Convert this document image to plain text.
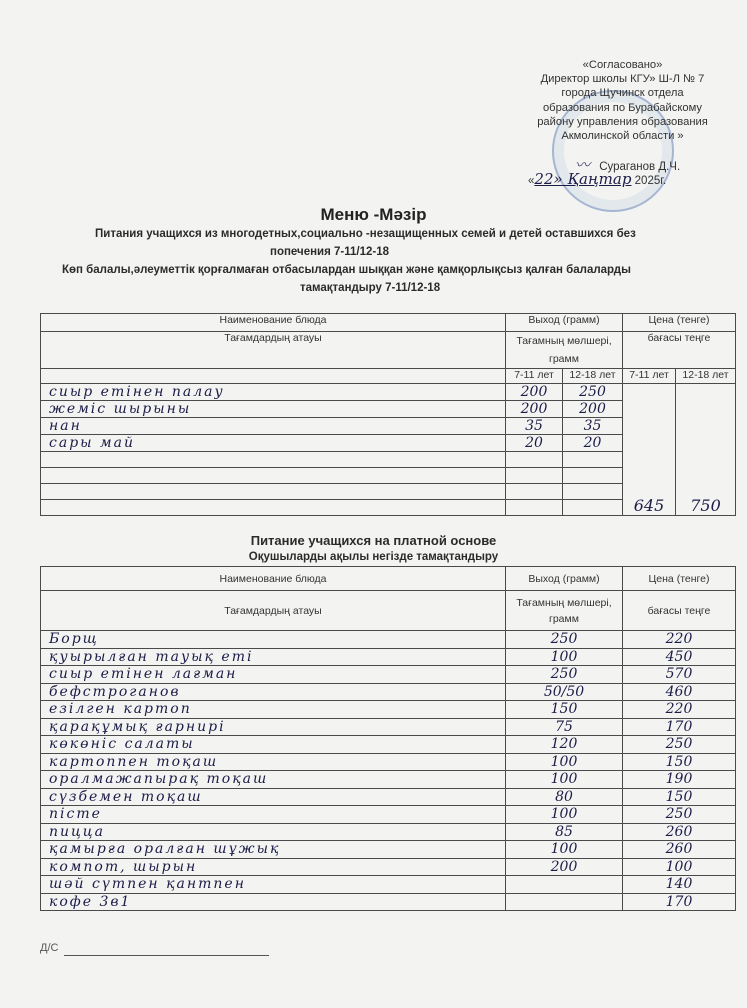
«Согласовано»
Директор школы КГУ» Ш-Л № 7
города Щучинск отдела
образования по Бурабайскому
району управления образования
Акмолинской области »
〰 Сураганов Д.Ч.
«22» Қаңтар 2025г.
Меню -Мәзір
Питания учащихся из многодетных,социально -незащищенных семей и детей оставшихся без
попечения 7-11/12-18
Көп балалы,әлеуметтік қорғалмаған отбасылардан шыққан және қамқорлықсыз қалған балаларды
тамақтандыру 7-11/12-18
Наименование блюда	Выход (грамм)		Цена (тенге)	
Тағамдардың атауы	Тағамның мөлшері, грамм		бағасы теңге	
	7-11 лет	12-18 лет	7-11 лет	12-18 лет
сиыр етінен палау	200	250	645	750
жеміс шырыны	200	200		
нан	35	35		
сары май	20	20		

Питание учащихся на платной основе
Оқушыларды ақылы негізде тамақтандыру
Наименование блюда	Выход (грамм)	Цена (тенге)
Тағамдардың атауы	Тағамның мөлшері, грамм	бағасы теңге
Борщ	250	220
қуырылған тауық еті	100	450
сиыр етінен лағман	250	570
бефстроганов	50/50	460
езілген картоп	150	220
қарақұмық ғарнирі	75	170
көкөніс салаты	120	250
картоппен тоқаш	100	150
оралмажапырақ тоқаш	100	190
сүзбемен тоқаш	80	150
пісте	100	250
пицца	85	260
қамырға оралған шұжық	100	260
компот, шырын	200	100
шәй сүтпен қантпен		140
кофе 3в1		170
Д/С
